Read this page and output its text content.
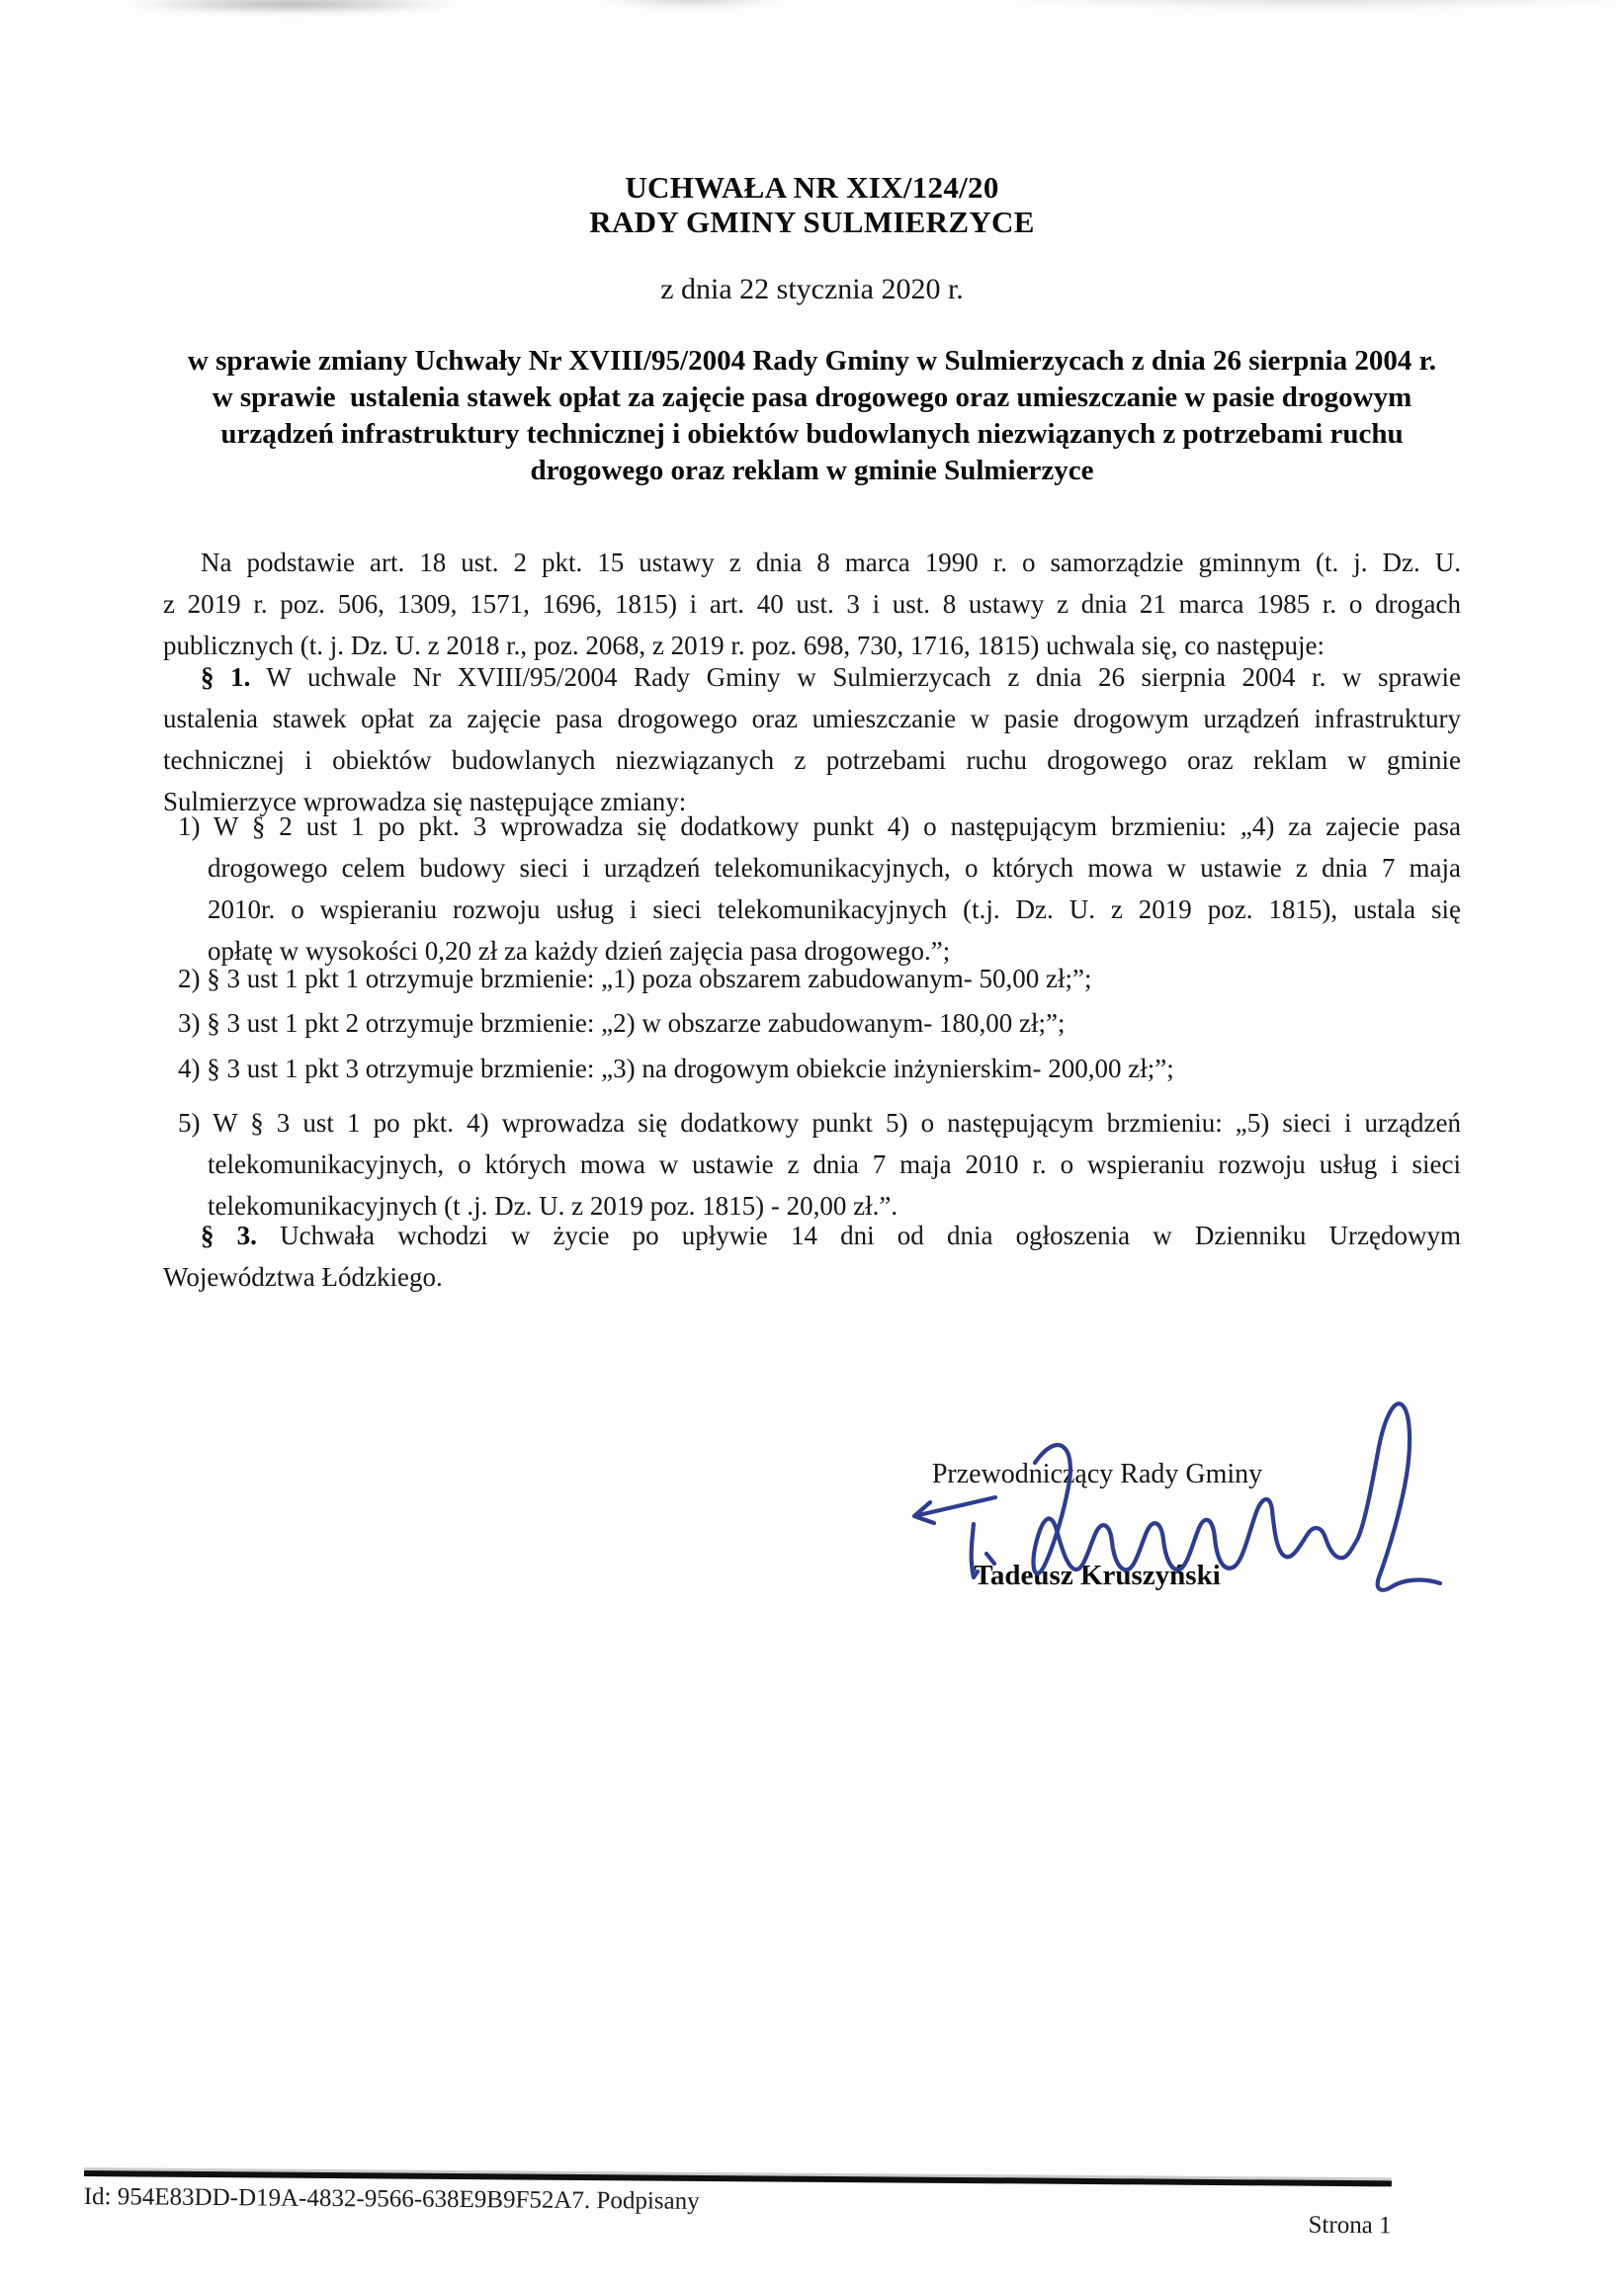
UCHWAŁA NR XIX/124/20
RADY GMINY SULMIERZYCE
z dnia 22 stycznia 2020 r.
w sprawie zmiany Uchwały Nr XVIII/95/2004 Rady Gminy w Sulmierzycach z dnia 26 sierpnia 2004 r.
w sprawie  ustalenia stawek opłat za zajęcie pasa drogowego oraz umieszczanie w pasie drogowym
urządzeń infrastruktury technicznej i obiektów budowlanych niezwiązanych z potrzebami ruchu
drogowego oraz reklam w gminie Sulmierzyce
Na podstawie art. 18 ust. 2 pkt. 15 ustawy z dnia 8 marca 1990 r. o samorządzie gminnym (t. j. Dz. U.
z 2019 r. poz. 506, 1309, 1571, 1696, 1815) i art. 40 ust. 3 i ust. 8 ustawy z dnia 21 marca 1985 r. o drogach
publicznych (t. j. Dz. U. z 2018 r., poz. 2068, z 2019 r. poz. 698, 730, 1716, 1815) uchwala się, co następuje:
§ 1. W uchwale Nr XVIII/95/2004 Rady Gminy w Sulmierzycach z dnia 26 sierpnia 2004 r. w sprawie
ustalenia stawek opłat za zajęcie pasa drogowego oraz umieszczanie w pasie drogowym urządzeń infrastruktury
technicznej i obiektów budowlanych niezwiązanych z potrzebami ruchu drogowego oraz reklam w gminie
Sulmierzyce wprowadza się następujące zmiany:
1) W § 2 ust 1 po pkt. 3 wprowadza się dodatkowy punkt 4) o następującym brzmieniu: „4) za zajecie pasa
drogowego celem budowy sieci i urządzeń telekomunikacyjnych, o których mowa w ustawie z dnia 7 maja
2010r. o wspieraniu rozwoju usług i sieci telekomunikacyjnych (t.j. Dz. U. z 2019 poz. 1815), ustala się
opłatę w wysokości 0,20 zł za każdy dzień zajęcia pasa drogowego.”;
2) § 3 ust 1 pkt 1 otrzymuje brzmienie: „1) poza obszarem zabudowanym- 50,00 zł;”;
3) § 3 ust 1 pkt 2 otrzymuje brzmienie: „2) w obszarze zabudowanym- 180,00 zł;”;
4) § 3 ust 1 pkt 3 otrzymuje brzmienie: „3) na drogowym obiekcie inżynierskim- 200,00 zł;”;
5) W § 3 ust 1 po pkt. 4) wprowadza się dodatkowy punkt 5) o następującym brzmieniu: „5) sieci i urządzeń
telekomunikacyjnych, o których mowa w ustawie z dnia 7 maja 2010 r. o wspieraniu rozwoju usług i sieci
telekomunikacyjnych (t .j. Dz. U. z 2019 poz. 1815) - 20,00 zł.”.
§ 3. Uchwała wchodzi w życie po upływie 14 dni od dnia ogłoszenia w Dzienniku Urzędowym
Województwa Łódzkiego.
Przewodniczący Rady Gminy
Tadeusz Kruszyński
Id: 954E83DD-D19A-4832-9566-638E9B9F52A7. Podpisany
Strona 1
